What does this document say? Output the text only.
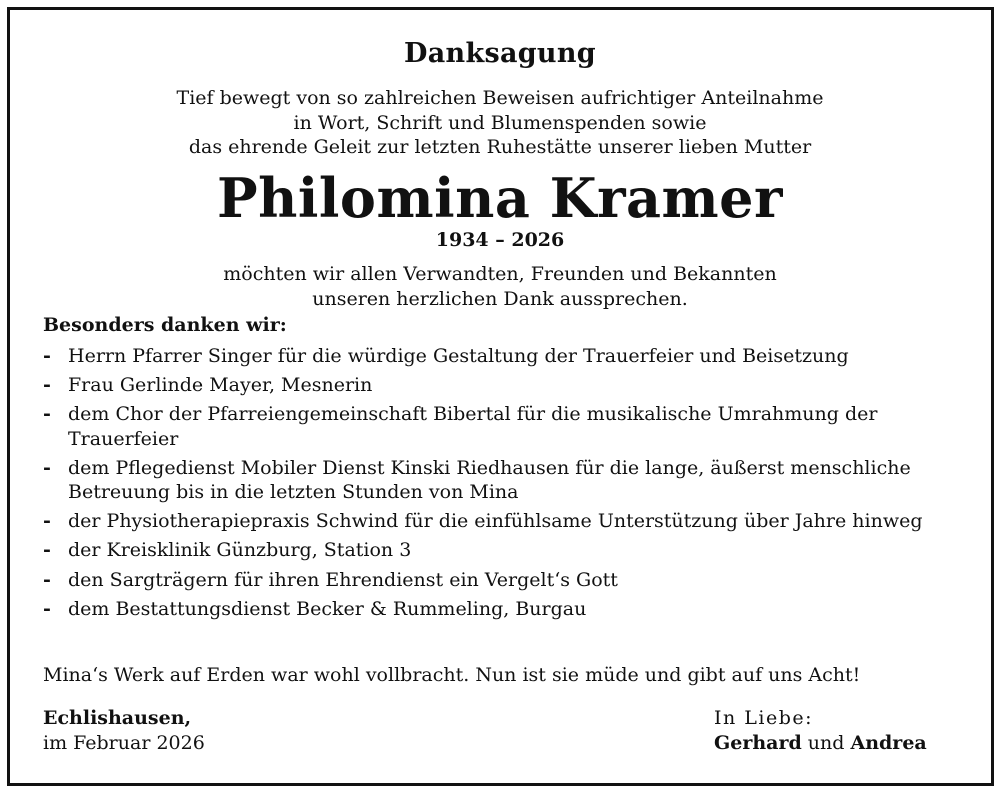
Danksagung
Tief bewegt von so zahlreichen Beweisen aufrichtiger Anteilnahme
in Wort, Schrift und Blumenspenden sowie
das ehrende Geleit zur letzten Ruhestätte unserer lieben Mutter
Philomina Kramer
1934 – 2026
möchten wir allen Verwandten, Freunden und Bekannten
unseren herzlichen Dank aussprechen.
Besonders danken wir:
- Herrn Pfarrer Singer für die würdige Gestaltung der Trauerfeier und Beisetzung
- Frau Gerlinde Mayer, Mesnerin
- dem Chor der Pfarreiengemeinschaft Bibertal für die musikalische Umrahmung der Trauerfeier
- dem Pflegedienst Mobiler Dienst Kinski Riedhausen für die lange, äußerst menschliche Betreuung bis in die letzten Stunden von Mina
- der Physiotherapiepraxis Schwind für die einfühlsame Unterstützung über Jahre hinweg
- der Kreisklinik Günzburg, Station 3
- den Sargträgern für ihren Ehrendienst ein Vergelt‘s Gott
- dem Bestattungsdienst Becker & Rummeling, Burgau
Mina‘s Werk auf Erden war wohl vollbracht. Nun ist sie müde und gibt auf uns Acht!
Echlishausen,
im Februar 2026
In Liebe:
Gerhard und Andrea
